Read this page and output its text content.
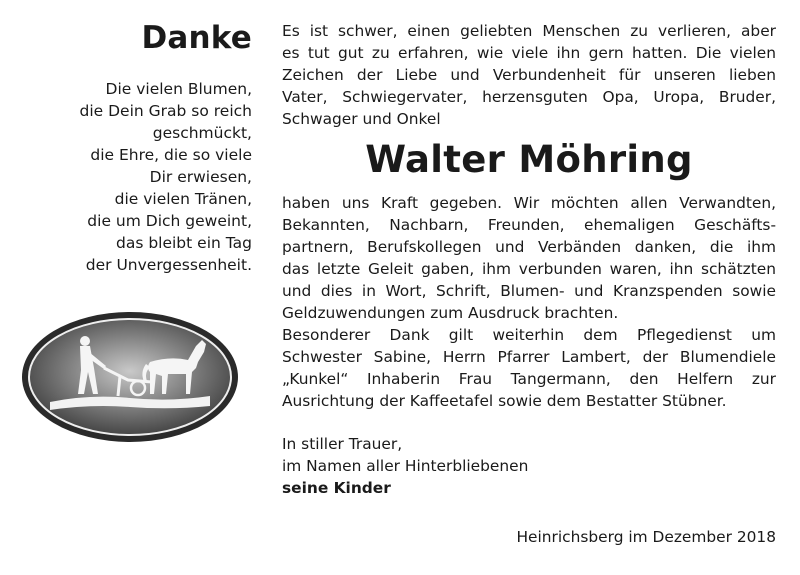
Danke
Die vielen Blumen,
die Dein Grab so reich
geschmückt,
die Ehre, die so viele
Dir erwiesen,
die vielen Tränen,
die um Dich geweint,
das bleibt ein Tag
der Unvergessenheit.
Es ist schwer, einen geliebten Menschen zu verlieren, aber
es tut gut zu erfahren, wie viele ihn gern hatten. Die vielen
Zeichen der Liebe und Verbundenheit für unseren lieben
Vater, Schwiegervater, herzensguten Opa, Uropa, Bruder,
Schwager und Onkel
Walter Möhring
haben uns Kraft gegeben. Wir möchten allen Verwandten,
Bekannten, Nachbarn, Freunden, ehemaligen Geschäfts-
partnern, Berufskollegen und Verbänden danken, die ihm
das letzte Geleit gaben, ihm verbunden waren, ihn schätzten
und dies in Wort, Schrift, Blumen- und Kranzspenden sowie
Geldzuwendungen zum Ausdruck brachten.
Besonderer Dank gilt weiterhin dem Pflegedienst um
Schwester Sabine, Herrn Pfarrer Lambert, der Blumendiele
„Kunkel“ Inhaberin Frau Tangermann, den Helfern zur
Ausrichtung der Kaffeetafel sowie dem Bestatter Stübner.
In stiller Trauer,
im Namen aller Hinterbliebenen
seine Kinder
Heinrichsberg im Dezember 2018
